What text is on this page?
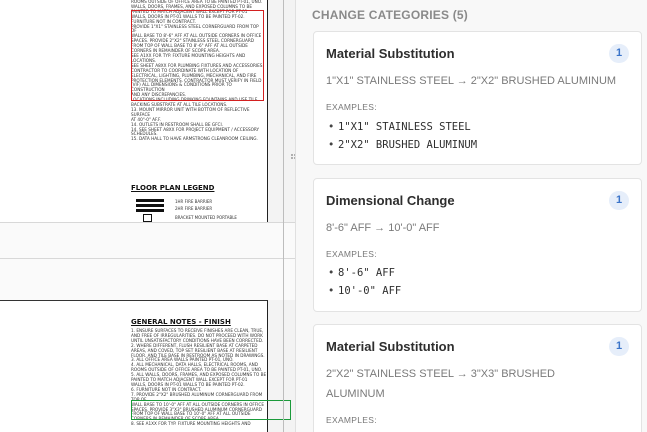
ROOMS OUTSIDE OF OFFICE AREA TO BE PAINTED PT-01, UNO.
WALLS, DOORS, FRAMES, AND EXPOSED COLUMNS TO BE
PAINTED TO MATCH ADJACENT WALL EXCEPT FOR PT-01
WALLS, DOORS IN PT-01 WALLS TO BE PAINTED PT-02.
FURNITURE NOT IN CONTRACT.
PROVIDE 1"X1" STAINLESS STEEL CORNERGUARD FROM TOP OF
WALL BASE TO 8'-6" AFF AT ALL OUTSIDE CORNERS IN OFFICE
SPACES. PROVIDE 2"X2" STAINLESS STEEL CORNERGUARD
FROM TOP OF WALL BASE TO 8'-6" AFF AT ALL OUTSIDE
CORNERS IN REMAINDER OF SCOPE AREA.
SEE A1XX FOR TYP. FIXTURE MOUNTING HEIGHTS AND
LOCATIONS.
SEE SHEET A8XX FOR PLUMBING FIXTURES AND ACCESSORIES.
CONTRACTOR TO COORDINATE WITH LOCATION OF
ELECTRICAL, LIGHTING, PLUMBING, MECHANICAL, AND FIRE
PROTECTION ELEMENTS. CONTRACTOR MUST VERIFY IN FIELD
(VIF) ALL DIMENSIONS & CONDITIONS PRIOR TO CONSTRUCTION
AND ANY DISCREPANCIES.
LOCATIONS INCLUDING DRINKING FOUNTAINS AND USE TILE
BACKING SUBSTRATE AT ALL TILE LOCATIONS.
13. MOUNT MIRROR UNIT WITH BOTTOM OF REFLECTIVE SURFACE
AT 40"-0" AF.F.
14. OUTLETS IN RESTROOM SHALL BE GFCI.
14. SEE SHEET A8XX FOR PROJECT EQUIPMENT / ACCESSORY
SCHEDULES.
15. DATA HALL TO HAVE ARMSTRONG CLEANROOM CEILING.
FLOOR PLAN LEGEND
1HR FIRE BARRIER
2HR FIRE BARRIER
BRACKET MOUNTED PORTABLE
GENERAL NOTES - FINISH
1. ENSURE SURFACES TO RECEIVE FINISHES ARE CLEAN, TRUE,
AND FREE OF IRREGULARITIES. DO NOT PROCEED WITH WORK
UNTIL UNSATISFACTORY CONDITIONS HAVE BEEN CORRECTED.
2. WHERE DIFFERENT, FLUSH RESILIENT BASE AT CARPETED
AREAS, AND COVED, TOP SET RESILIENT BASE AT RESILIENT
FLOOR. AND TILE BASE IN RESTROOM AS NOTED IN DRAWINGS.
3. ALL OFFICE AREA WALLS PAINTED PT-01, UNO.
4. ALL MECHANICAL, DATA HALLS, ELECTRICAL ROOMS, AND
ROOMS OUTSIDE OF OFFICE AREA TO BE PAINTED PT-01, UNO.
5. ALL WALLS, DOORS, FRAMES, AND EXPOSED COLUMNS TO BE
PAINTED TO MATCH ADJACENT WALL EXCEPT FOR PT-01
WALLS, DOORS IN PT-01 WALLS TO BE PAINTED PT-02.
6. FURNITURE NOT IN CONTRACT.
7. PROVIDE 2"X2" BRUSHED ALUMINUM CORNERGUARD FROM TOP OF
WALL BASE TO 10'-0" AFF AT ALL OUTSIDE CORNERS IN OFFICE
SPACES. PROVIDE 3"X3" BRUSHED ALUMINUM CORNERGUARD
FROM TOP OF WALL BASE TO 10'-0" AFF AT ALL OUTSIDE
CORNERS IN REMAINDER OF SCOPE AREA.
8. SEE A1XX FOR TYP. FIXTURE MOUNTING HEIGHTS AND
CHANGE CATEGORIES (5)
Material Substitution	1
1"X1" STAINLESS STEEL → 2"X2" BRUSHED ALUMINUM
EXAMPLES:
• 1"X1" STAINLESS STEEL
• 2"X2" BRUSHED ALUMINUM
Dimensional Change	1
8'-6" AFF → 10'-0" AFF
EXAMPLES:
• 8'-6" AFF
• 10'-0" AFF
Material Substitution	1
2"X2" STAINLESS STEEL → 3"X3" BRUSHED ALUMINUM
EXAMPLES:
